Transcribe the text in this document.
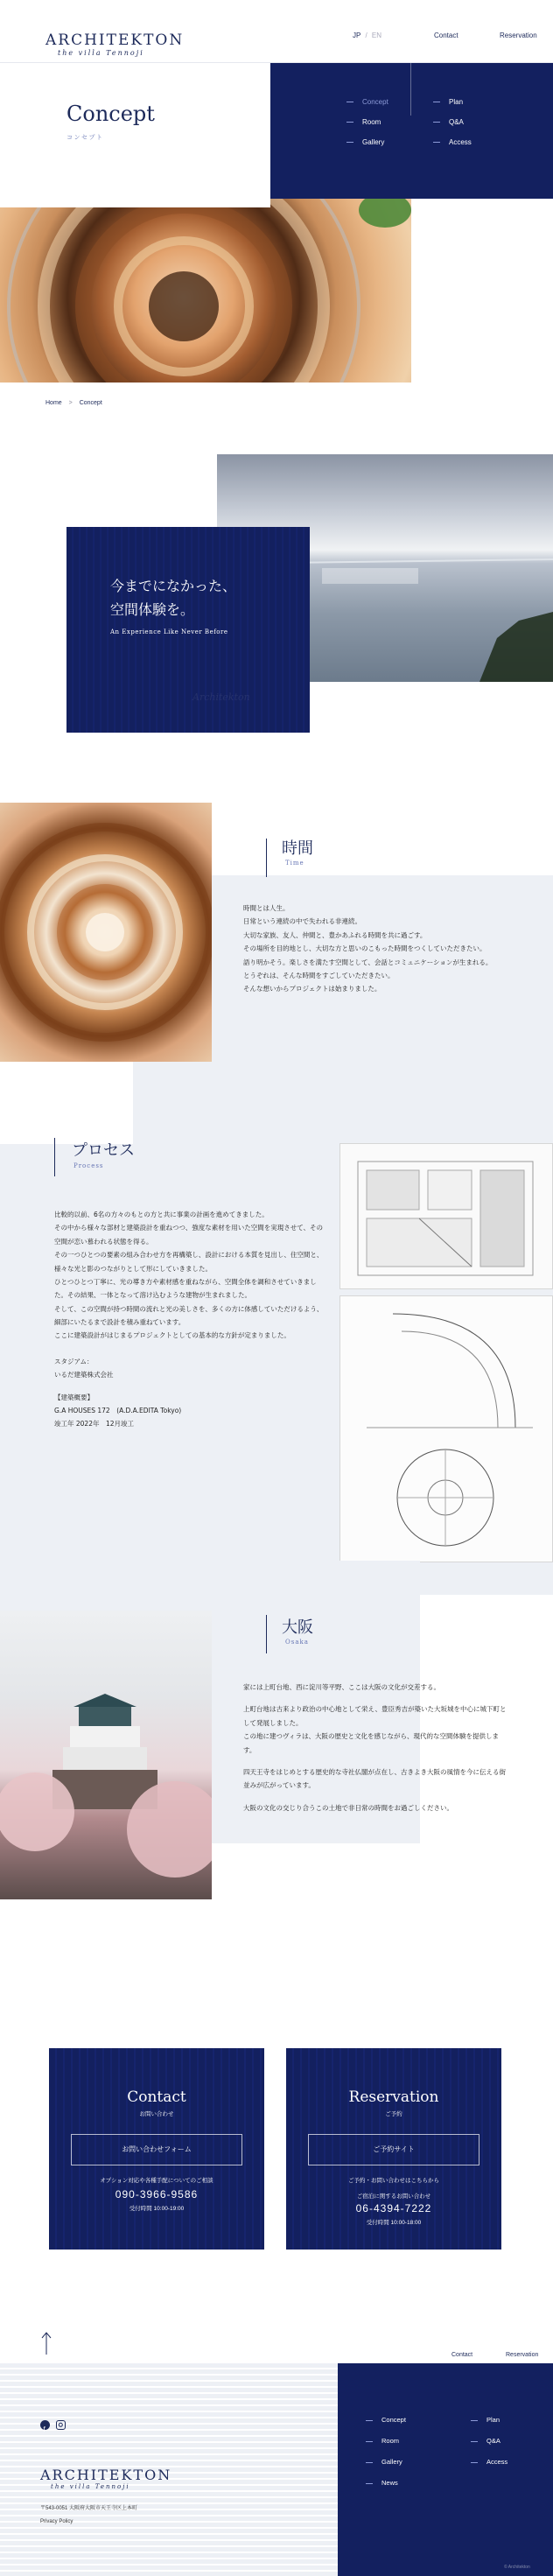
ARCHITEKTON
the villa Tennoji
JP / EN	Contact	Reservation
Concept
コンセプト
Concept
Room
Gallery
Plan
Q&A
Access
Home > Concept
今までになかった、
空間体験を。
An Experience Like Never Before
Architekton
時間
Time
時間とは人生。
日常という連続の中で失われる非連続。
大切な家族、友人、仲間と、豊かあふれる時間を共に過ごす。
その場所を目的地とし、大切な方と思いのこもった時間をつくしていただきたい。
語り明かそう。楽しさを満たす空間として、会話とコミュニケーションが生まれる。
とうぞれは、そんな時間をすごしていただきたい。
そんな想いからプロジェクトは始まりました。
プロセス
Process
比較的以前、6名の方々のもとの方と共に事業の計画を進めてきました。
その中から様々な部材と建築設計を重ねつつ、強度な素材を用いた空間を実現させて、その空間が恋い慕われる状態を得る。
その一つひとつの要素の組み合わせ方を再構築し、設計における本質を見出し、住空間と、様々な光と影のつながりとして形にしていきました。
ひとつひとつ丁寧に、光の導き方や素材感を重ねながら、空間全体を調和させていきました。その結果、一体となって溶け込むような建物が生まれました。
そして、この空間が持つ時間の流れと光の美しさを、多くの方に体感していただけるよう、細部にいたるまで設計を積み重ねています。
ここに建築設計がはじまるプロジェクトとしての基本的な方針が定まりました。
スタジアム：
いるだ建築株式会社
【建築概要】
G.A HOUSES 172　(A.D.A.EDITA Tokyo)
竣工年 2022年　12月竣工
大阪
Osaka
家には上町台地、西に淀川等平野、ここは大阪の文化が交差する。
上町台地は古来より政治の中心地として栄え、豊臣秀吉が築いた大坂城を中心に城下町として発展しました。
この地に建つヴィラは、大阪の歴史と文化を感じながら、現代的な空間体験を提供します。
四天王寺をはじめとする歴史的な寺社仏閣が点在し、古きよき大阪の風情を今に伝える街並みが広がっています。
大阪の文化の交じり合うこの土地で非日常の時間をお過ごしください。
Contact
お問い合わせ
お問い合わせフォーム
オプション対応や各種手配についてのご相談
090-3966-9586
受付時間 10:00-19:00
Reservation
ご予約
ご予約サイト
ご予約・お問い合わせはこちらから
ご宿泊に関するお問い合わせ
06-4394-7222
受付時間 10:00-18:00
Contact	Reservation
Concept
Room
Gallery
News
Plan
Q&A
Access
© Architekton
f
ARCHITEKTON
the villa Tennoji
〒543-0051 大阪府大阪市天王寺区上本町
Privacy Policy
